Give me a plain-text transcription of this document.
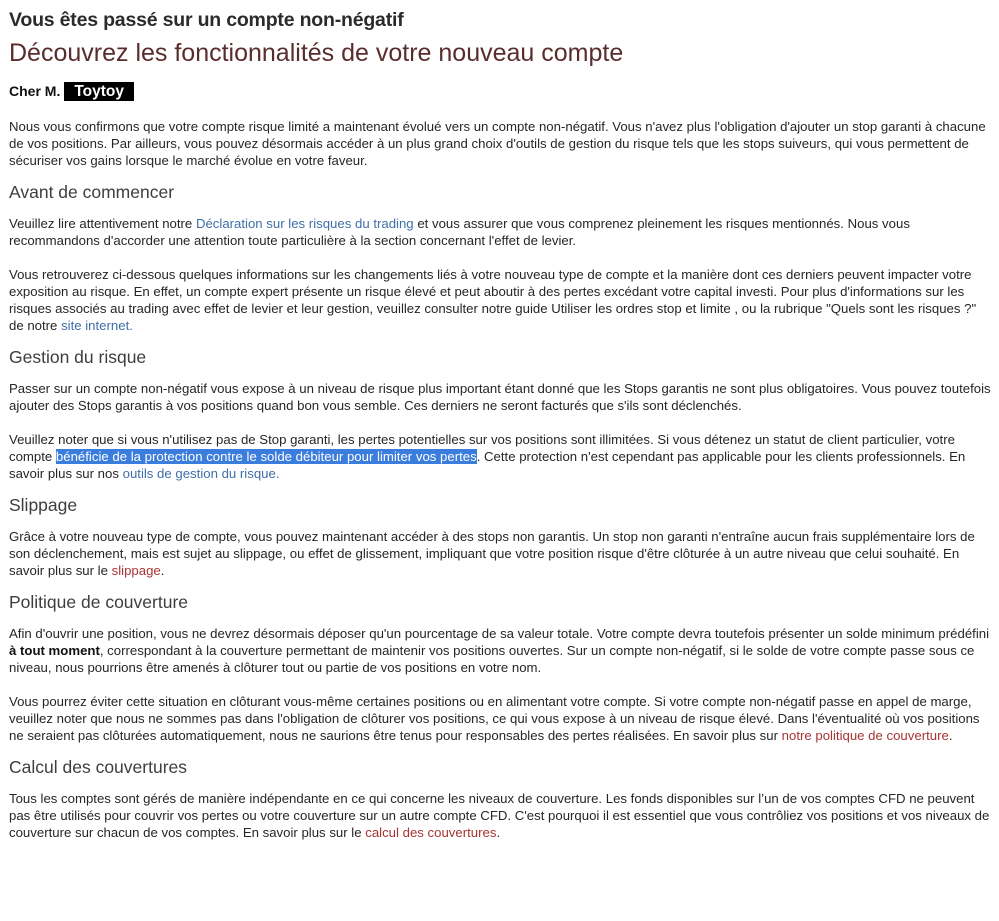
Vous êtes passé sur un compte non-négatif
Découvrez les fonctionnalités de votre nouveau compte
Cher M. Toytoy

Nous vous confirmons que votre compte risque limité a maintenant évolué vers un compte non-négatif. Vous n'avez plus l'obligation d'ajouter un stop garanti à chacune de vos positions. Par ailleurs, vous pouvez désormais accéder à un plus grand choix d'outils de gestion du risque tels que les stops suiveurs, qui vous permettent de sécuriser vos gains lorsque le marché évolue en votre faveur.

Avant de commencer

Veuillez lire attentivement notre Déclaration sur les risques du trading et vous assurer que vous comprenez pleinement les risques mentionnés. Nous vous recommandons d'accorder une attention toute particulière à la section concernant l'effet de levier.

Vous retrouverez ci-dessous quelques informations sur les changements liés à votre nouveau type de compte et la manière dont ces derniers peuvent impacter votre exposition au risque. En effet, un compte expert présente un risque élevé et peut aboutir à des pertes excédant votre capital investi. Pour plus d'informations sur les risques associés au trading avec effet de levier et leur gestion, veuillez consulter notre guide Utiliser les ordres stop et limite , ou la rubrique "Quels sont les risques ?" de notre site internet.

Gestion du risque

Passer sur un compte non-négatif vous expose à un niveau de risque plus important étant donné que les Stops garantis ne sont plus obligatoires. Vous pouvez toutefois ajouter des Stops garantis à vos positions quand bon vous semble. Ces derniers ne seront facturés que s'ils sont déclenchés.

Veuillez noter que si vous n'utilisez pas de Stop garanti, les pertes potentielles sur vos positions sont illimitées. Si vous détenez un statut de client particulier, votre compte bénéficie de la protection contre le solde débiteur pour limiter vos pertes. Cette protection n'est cependant pas applicable pour les clients professionnels. En savoir plus sur nos outils de gestion du risque.

Slippage

Grâce à votre nouveau type de compte, vous pouvez maintenant accéder à des stops non garantis. Un stop non garanti n'entraîne aucun frais supplémentaire lors de son déclenchement, mais est sujet au slippage, ou effet de glissement, impliquant que votre position risque d'être clôturée à un autre niveau que celui souhaité. En savoir plus sur le slippage.

Politique de couverture

Afin d'ouvrir une position, vous ne devrez désormais déposer qu'un pourcentage de sa valeur totale. Votre compte devra toutefois présenter un solde minimum prédéfini à tout moment, correspondant à la couverture permettant de maintenir vos positions ouvertes. Sur un compte non-négatif, si le solde de votre compte passe sous ce niveau, nous pourrions être amenés à clôturer tout ou partie de vos positions en votre nom.

Vous pourrez éviter cette situation en clôturant vous-même certaines positions ou en alimentant votre compte. Si votre compte non-négatif passe en appel de marge, veuillez noter que nous ne sommes pas dans l'obligation de clôturer vos positions, ce qui vous expose à un niveau de risque élevé. Dans l'éventualité où vos positions ne seraient pas clôturées automatiquement, nous ne saurions être tenus pour responsables des pertes réalisées. En savoir plus sur notre politique de couverture.

Calcul des couvertures

Tous les comptes sont gérés de manière indépendante en ce qui concerne les niveaux de couverture. Les fonds disponibles sur l’un de vos comptes CFD ne peuvent pas être utilisés pour couvrir vos pertes ou votre couverture sur un autre compte CFD. C'est pourquoi il est essentiel que vous contrôliez vos positions et vos niveaux de couverture sur chacun de vos comptes. En savoir plus sur le calcul des couvertures.
